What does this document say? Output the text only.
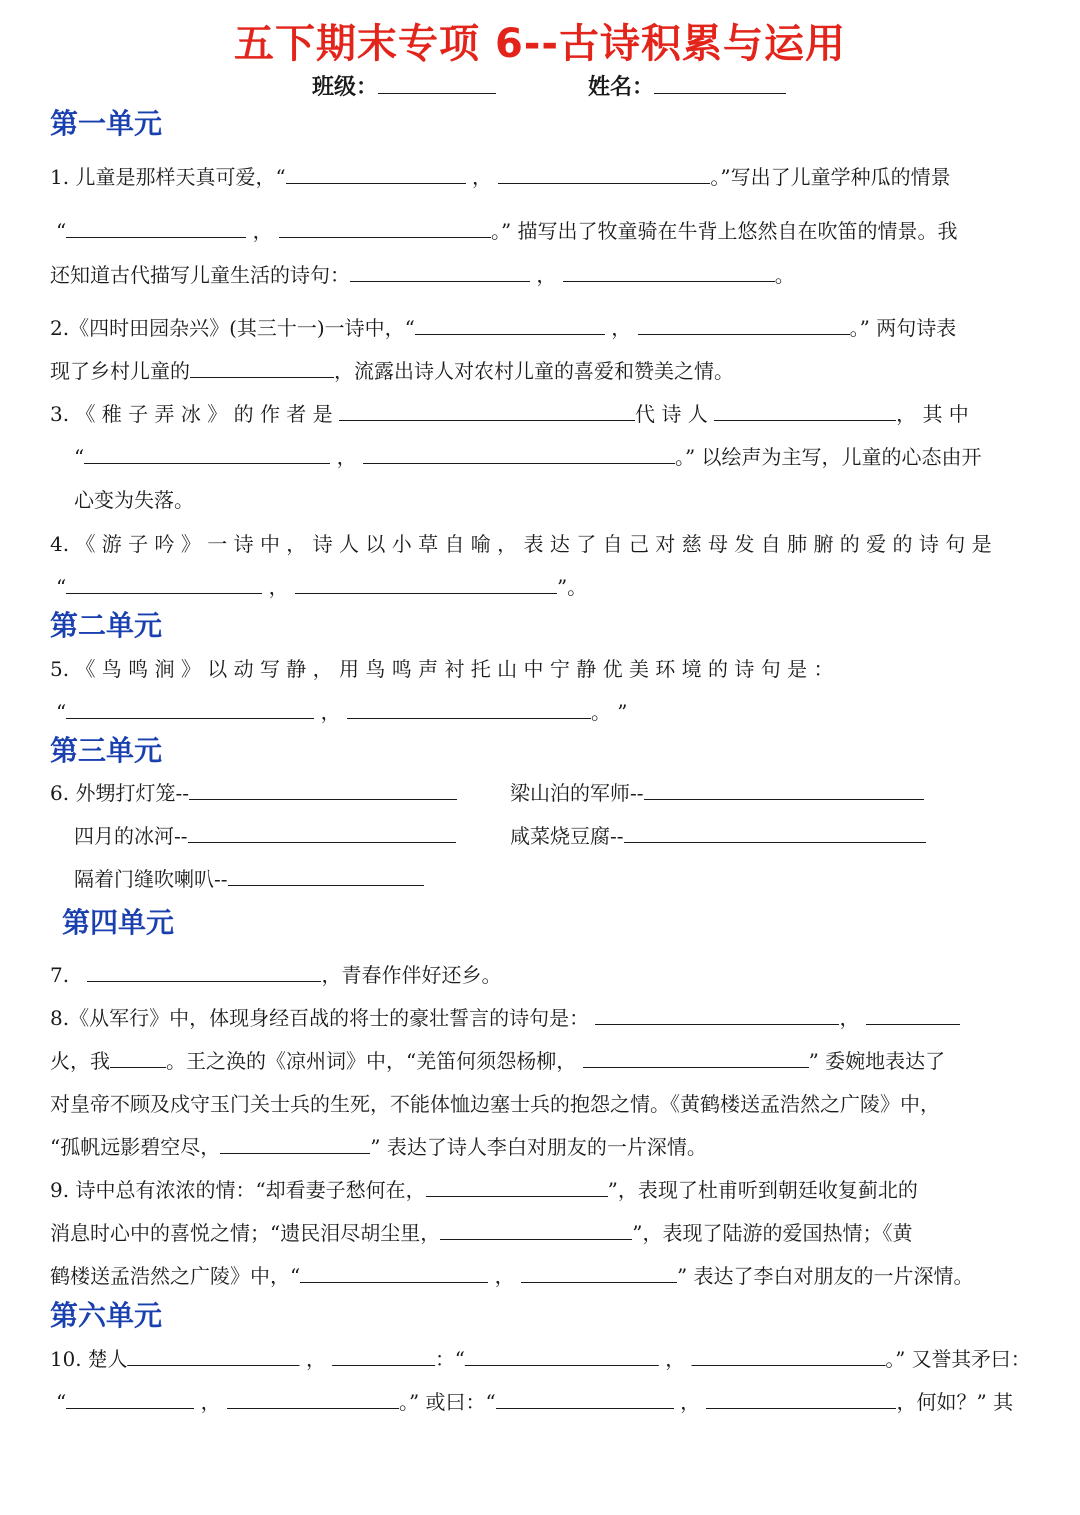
五下期末专项 6--古诗积累与运用
班级：	姓名：
第一单元
1. 儿童是那样天真可爱，“	，	。”写出了儿童学种瓜的情景
“	，	。” 描写出了牧童骑在牛背上悠然自在吹笛的情景。我
还知道古代描写儿童生活的诗句：	，	。
2.《四时田园杂兴》(其三十一)一诗中，“	，	。” 两句诗表
现了乡村儿童的	，流露出诗人对农村儿童的喜爱和赞美之情。
3. 《 稚 子 弄 冰 》 的 作 者 是	代 诗 人	， 其 中
“	，	。” 以绘声为主写，儿童的心态由开
心变为失落。
4. 《 游 子 吟 》 一 诗 中 ， 诗 人 以 小 草 自 喻 ， 表 达 了 自 己 对 慈 母 发 自 肺 腑 的 爱 的 诗 句 是
“	，	”。
第二单元
5. 《 鸟 鸣 涧 》 以 动 写 静 ， 用 鸟 鸣 声 衬 托 山 中 宁 静 优 美 环 境 的 诗 句 是 ：
“	，	。 ”
第三单元
6. 外甥打灯笼--	梁山泊的军师--
四月的冰河--	咸菜烧豆腐--
隔着门缝吹喇叭--
第四单元
7.	，青春作伴好还乡。
8.《从军行》中，体现身经百战的将士的豪壮誓言的诗句是：	，
火，我	。王之涣的《凉州词》中，“羌笛何须怨杨柳，	” 委婉地表达了
对皇帝不顾及戍守玉门关士兵的生死，不能体恤边塞士兵的抱怨之情。《黄鹤楼送孟浩然之广陵》中，
“孤帆远影碧空尽，	” 表达了诗人李白对朋友的一片深情。
9. 诗中总有浓浓的情：“却看妻子愁何在，	”，表现了杜甫听到朝廷收复蓟北的
消息时心中的喜悦之情；“遗民泪尽胡尘里，	”，表现了陆游的爱国热情；《黄
鹤楼送孟浩然之广陵》中，“	，	” 表达了李白对朋友的一片深情。
第六单元
10. 楚人	，	：“	，	。” 又誉其矛曰：
“	，	。” 或曰：“	，	，何如？” 其
